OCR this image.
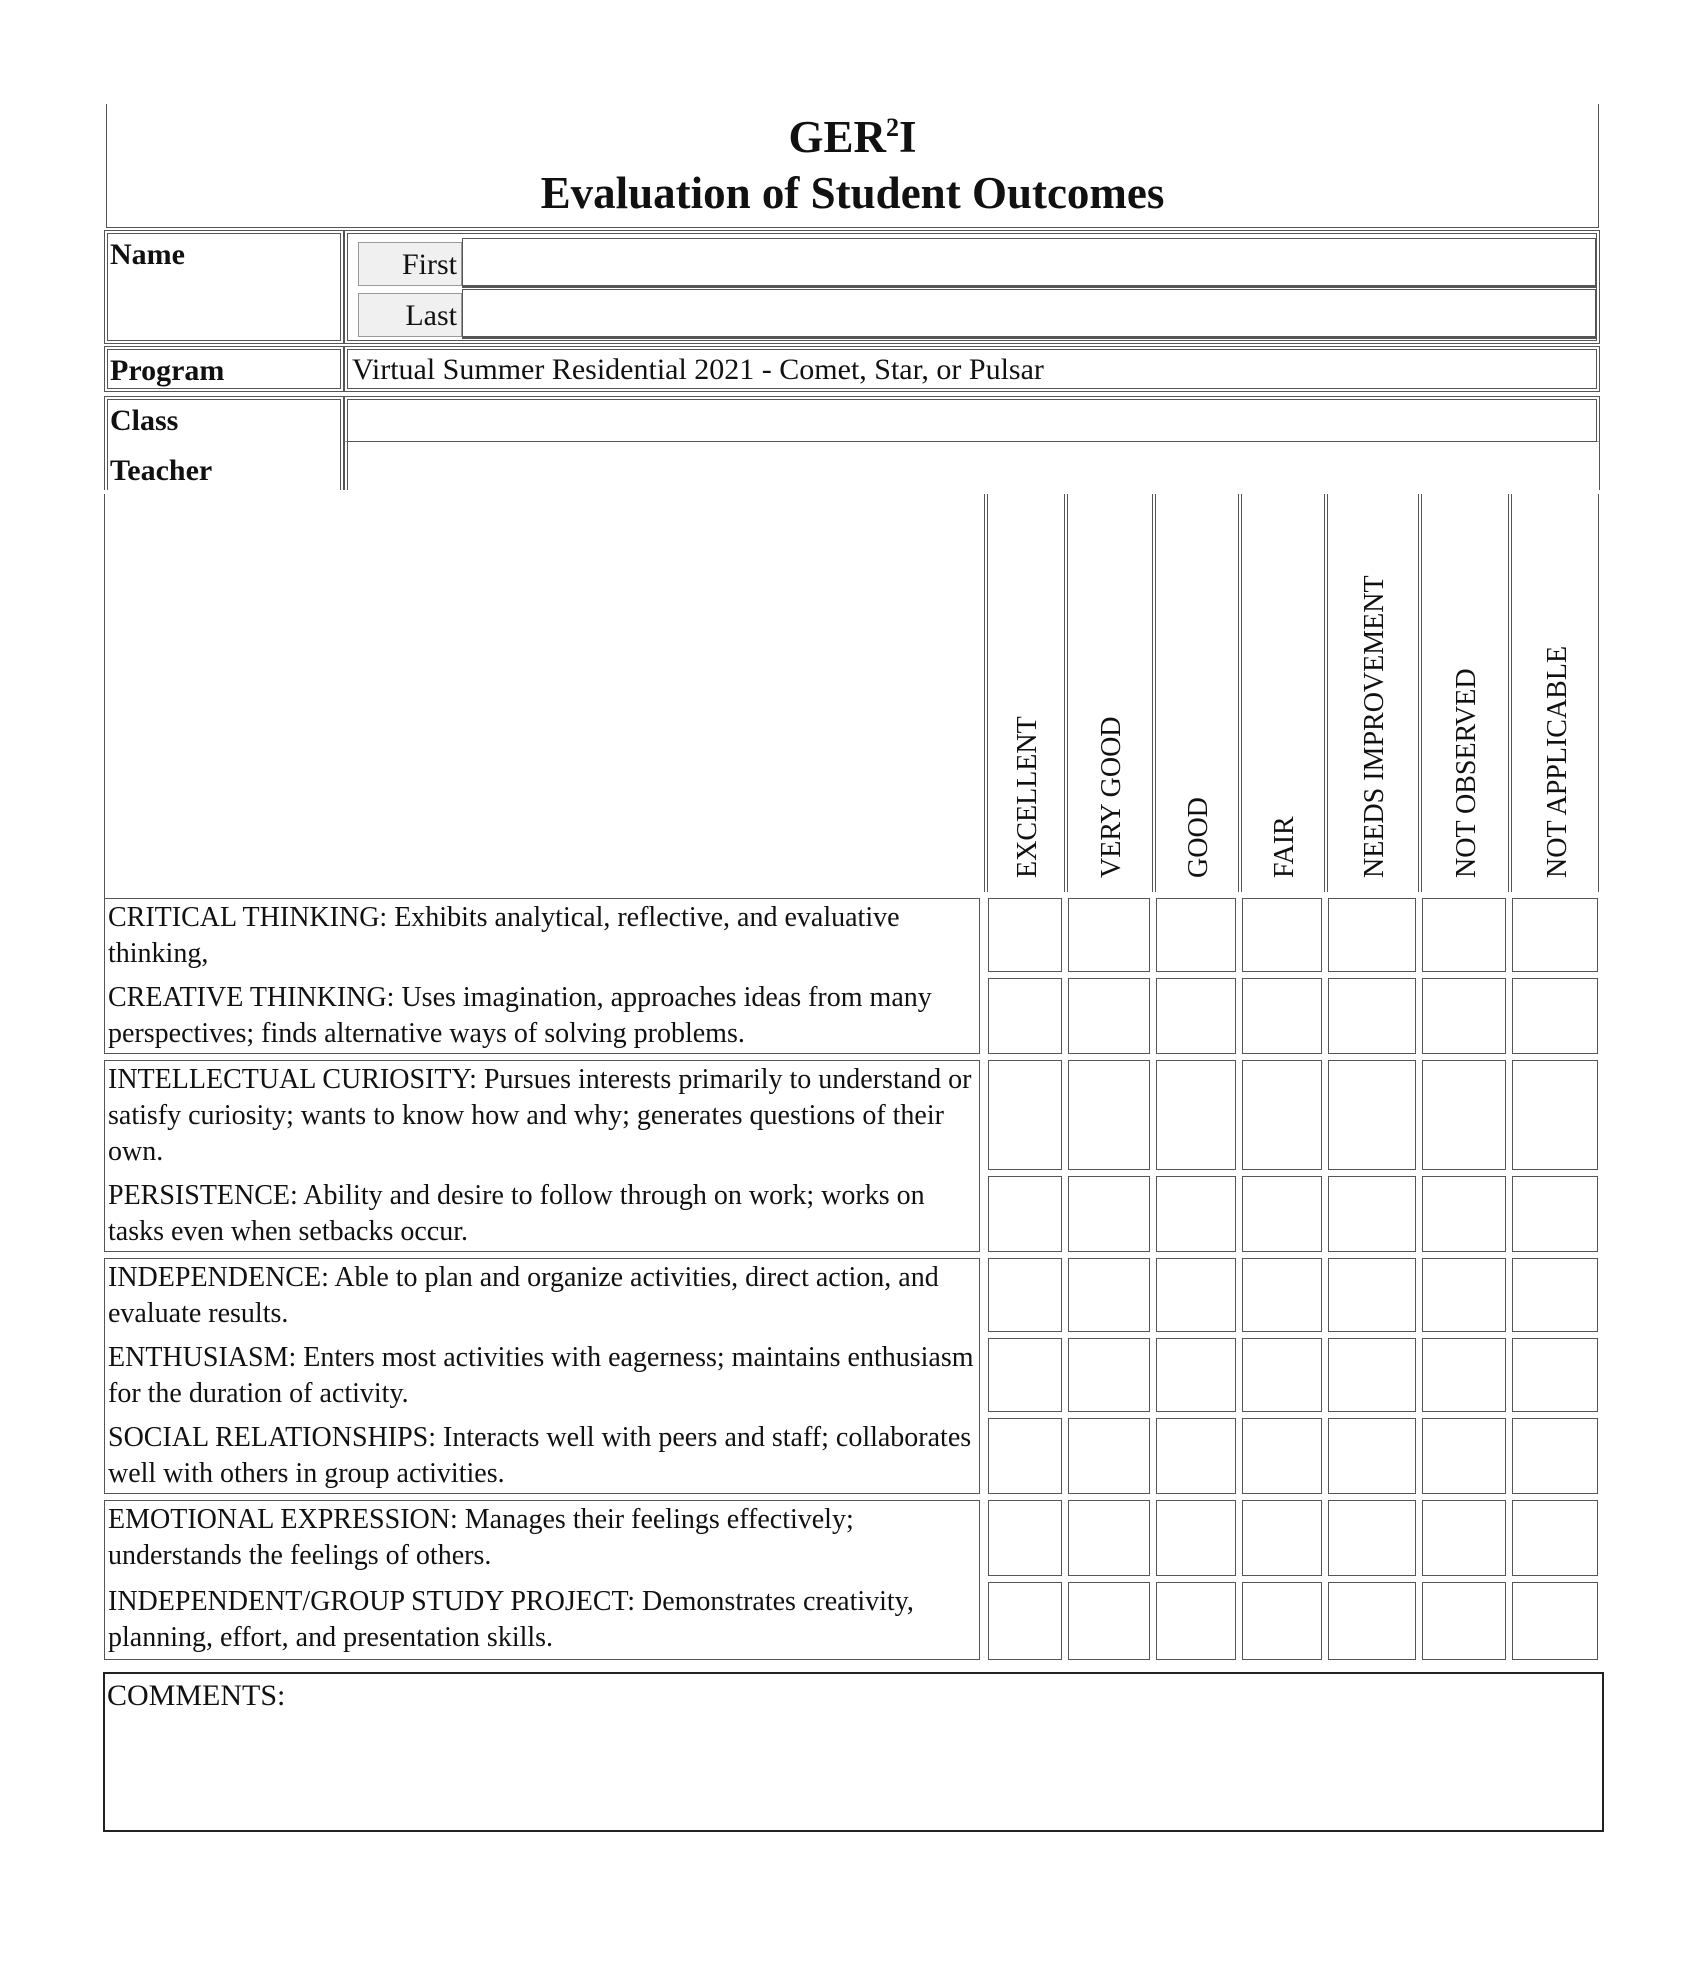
GER$^2$I
Evaluation of Student Outcomes
Name	First
Last
Program	Virtual Summer Residential 2021 - Comet, Star, or Pulsar
Class
Teacher
EXCELLENT VERY GOOD GOOD FAIR NEEDS IMPROVEMENT NOT OBSERVED NOT APPLICABLE
CRITICAL THINKING: Exhibits analytical, reflective, and evaluative thinking,
CREATIVE THINKING: Uses imagination, approaches ideas from many perspectives; finds alternative ways of solving problems.
INTELLECTUAL CURIOSITY: Pursues interests primarily to understand or satisfy curiosity; wants to know how and why; generates questions of their own.
PERSISTENCE: Ability and desire to follow through on work; works on tasks even when setbacks occur.
INDEPENDENCE: Able to plan and organize activities, direct action, and evaluate results.
ENTHUSIASM: Enters most activities with eagerness; maintains enthusiasm for the duration of activity.
SOCIAL RELATIONSHIPS: Interacts well with peers and staff; collaborates well with others in group activities.
EMOTIONAL EXPRESSION: Manages their feelings effectively; understands the feelings of others.
INDEPENDENT/GROUP STUDY PROJECT: Demonstrates creativity, planning, effort, and presentation skills.
COMMENTS:
